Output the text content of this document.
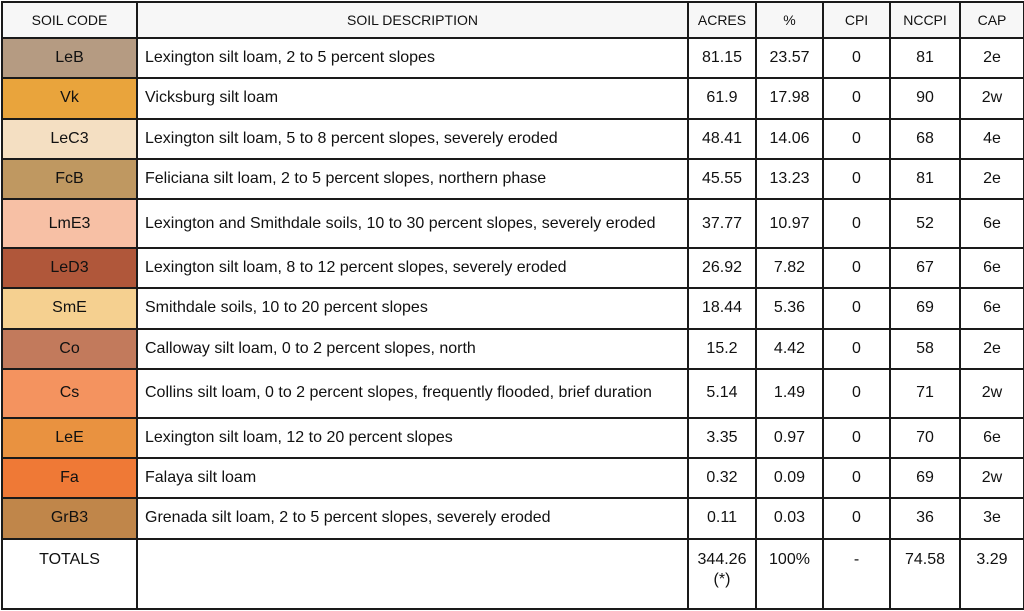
SOIL CODE	SOIL DESCRIPTION	ACRES	%	CPI	NCCPI	CAP
LeB	Lexington silt loam, 2 to 5 percent slopes	81.15	23.57	0	81	2e
Vk	Vicksburg silt loam	61.9	17.98	0	90	2w
LeC3	Lexington silt loam, 5 to 8 percent slopes, severely eroded	48.41	14.06	0	68	4e
FcB	Feliciana silt loam, 2 to 5 percent slopes, northern phase	45.55	13.23	0	81	2e
LmE3	Lexington and Smithdale soils, 10 to 30 percent slopes, severely eroded	37.77	10.97	0	52	6e
LeD3	Lexington silt loam, 8 to 12 percent slopes, severely eroded	26.92	7.82	0	67	6e
SmE	Smithdale soils, 10 to 20 percent slopes	18.44	5.36	0	69	6e
Co	Calloway silt loam, 0 to 2 percent slopes, north	15.2	4.42	0	58	2e
Cs	Collins silt loam, 0 to 2 percent slopes, frequently flooded, brief duration	5.14	1.49	0	71	2w
LeE	Lexington silt loam, 12 to 20 percent slopes	3.35	0.97	0	70	6e
Fa	Falaya silt loam	0.32	0.09	0	69	2w
GrB3	Grenada silt loam, 2 to 5 percent slopes, severely eroded	0.11	0.03	0	36	3e
TOTALS		344.26(*)	100%	-	74.58	3.29
